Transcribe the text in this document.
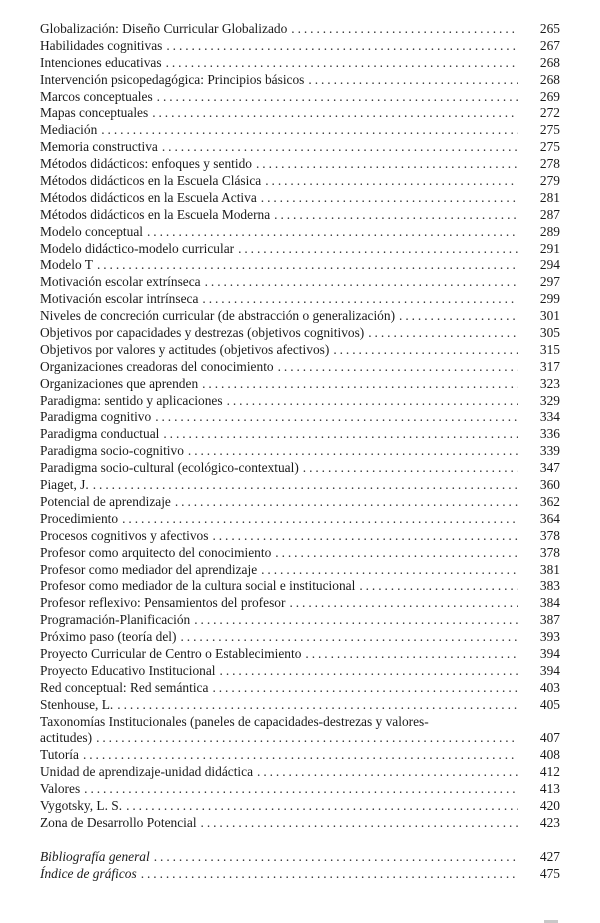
Globalización: Diseño Curricular Globalizado . . .	265
Habilidades cognitivas . . .	267
Intenciones educativas . . .	268
Intervención psicopedagógica: Principios básicos . . .	268
Marcos conceptuales . . .	269
Mapas conceptuales . . .	272
Mediación . . .	275
Memoria constructiva . . .	275
Métodos didácticos: enfoques y sentido . . .	278
Métodos didácticos en la Escuela Clásica . . .	279
Métodos didácticos en la Escuela Activa . . .	281
Métodos didácticos en la Escuela Moderna . . .	287
Modelo conceptual . . .	289
Modelo didáctico-modelo curricular . . .	291
Modelo T . . .	294
Motivación escolar extrínseca . . .	297
Motivación escolar intrínseca . . .	299
Niveles de concreción curricular (de abstracción o generalización) . . .	301
Objetivos por capacidades y destrezas (objetivos cognitivos) . . .	305
Objetivos por valores y actitudes (objetivos afectivos) . . .	315
Organizaciones creadoras del conocimiento . . .	317
Organizaciones que aprenden . . .	323
Paradigma: sentido y aplicaciones . . .	329
Paradigma cognitivo . . .	334
Paradigma conductual . . .	336
Paradigma socio-cognitivo . . .	339
Paradigma socio-cultural (ecológico-contextual) . . .	347
Piaget, J. . . .	360
Potencial de aprendizaje . . .	362
Procedimiento . . .	364
Procesos cognitivos y afectivos . . .	378
Profesor como arquitecto del conocimiento . . .	378
Profesor como mediador del aprendizaje . . .	381
Profesor como mediador de la cultura social e institucional . . .	383
Profesor reflexivo: Pensamientos del profesor . . .	384
Programación-Planificación . . .	387
Próximo paso (teoría del) . . .	393
Proyecto Curricular de Centro o Establecimiento . . .	394
Proyecto Educativo Institucional . . .	394
Red conceptual: Red semántica . . .	403
Stenhouse, L. . . .	405
Taxonomías Institucionales (paneles de capacidades-destrezas y valores-
actitudes) . . .	407
Tutoría . . .	408
Unidad de aprendizaje-unidad didáctica . . .	412
Valores . . .	413
Vygotsky, L. S. . . .	420
Zona de Desarrollo Potencial . . .	423
Bibliografía general . . .	427
Índice de gráficos . . .	475
